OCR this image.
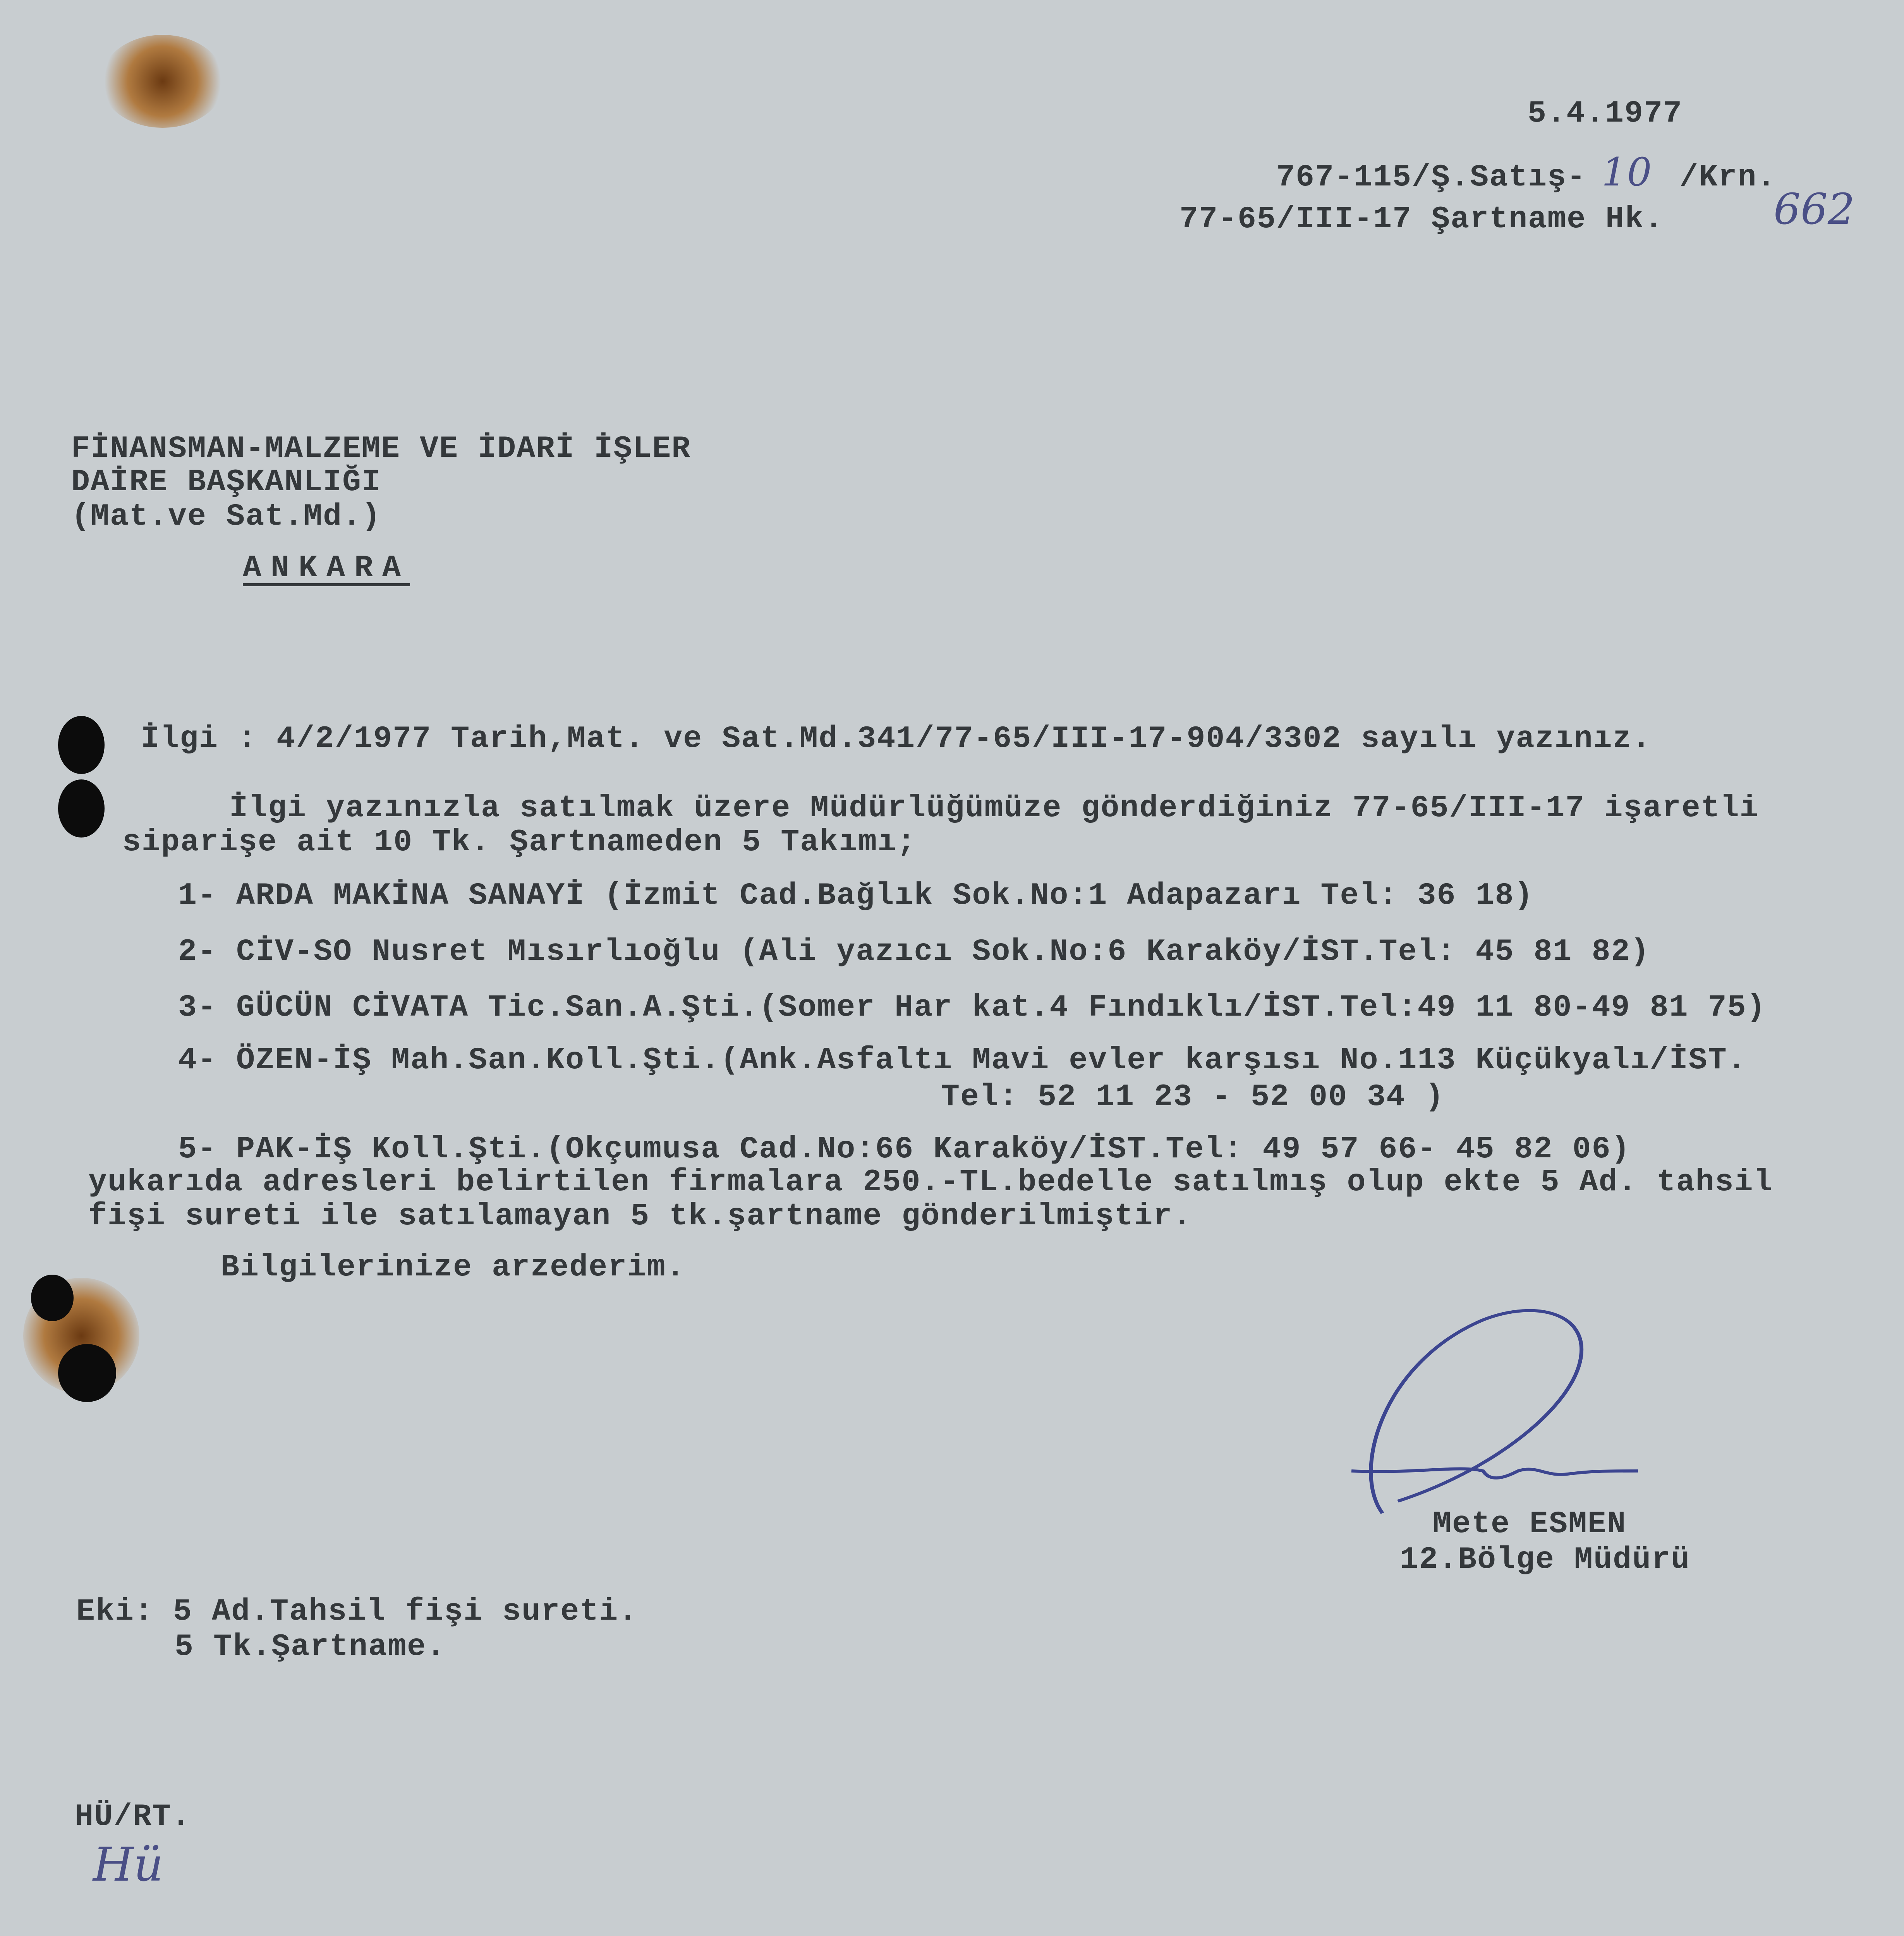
5.4.1977
767-115/Ş.Satış- 10 /Krn.
77-65/III-17 Şartname Hk.	662
FİNANSMAN-MALZEME VE İDARİ İŞLER
DAİRE BAŞKANLIĞI
(Mat.ve Sat.Md.)
ANKARA
İlgi : 4/2/1977 Tarih,Mat. ve Sat.Md.341/77-65/III-17-904/3302 sayılı yazınız.
İlgi yazınızla satılmak üzere Müdürlüğümüze gönderdiğiniz 77-65/III-17 işaretli
siparişe ait 10 Tk. Şartnameden 5 Takımı;
1- ARDA MAKİNA SANAYİ (İzmit Cad.Bağlık Sok.No:1 Adapazarı Tel: 36 18)
2- CİV-SO Nusret Mısırlıoğlu (Ali yazıcı Sok.No:6 Karaköy/İST.Tel: 45 81 82)
3- GÜCÜN CİVATA Tic.San.A.Şti.(Somer Har kat.4 Fındıklı/İST.Tel:49 11 80-49 81 75)
4- ÖZEN-İŞ Mah.San.Koll.Şti.(Ank.Asfaltı Mavi evler karşısı No.113 Küçükyalı/İST.
Tel: 52 11 23 - 52 00 34 )
5- PAK-İŞ Koll.Şti.(Okçumusa Cad.No:66 Karaköy/İST.Tel: 49 57 66- 45 82 06)
yukarıda adresleri belirtilen firmalara 250.-TL.bedelle satılmış olup ekte 5 Ad. tahsil
fişi sureti ile satılamayan 5 tk.şartname gönderilmiştir.
Bilgilerinize arzederim.
Mete ESMEN
12.Bölge Müdürü
Eki: 5 Ad.Tahsil fişi sureti.
5 Tk.Şartname.
HÜ/RT.
Hü
